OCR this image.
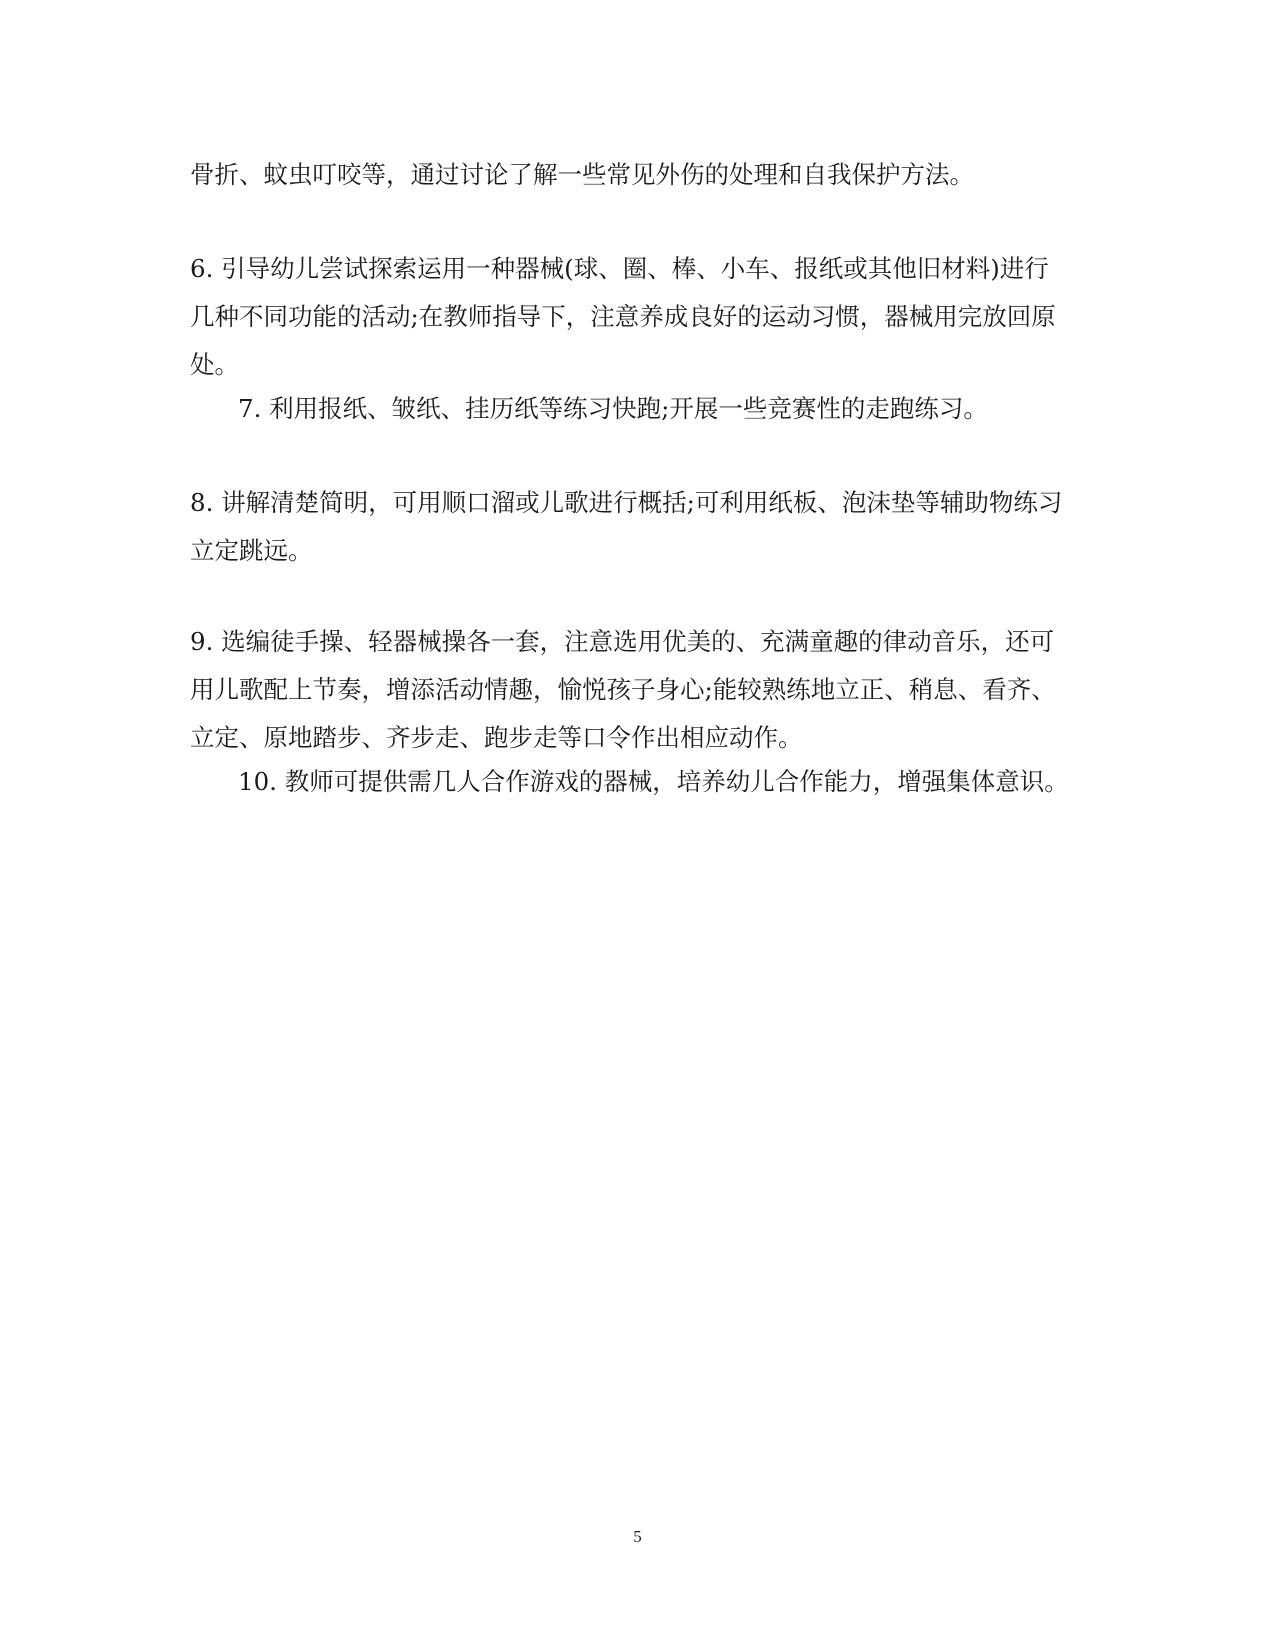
骨折、蚊虫叮咬等，通过讨论了解一些常见外伤的处理和自我保护方法。
6. 引导幼儿尝试探索运用一种器械(球、圈、棒、小车、报纸或其他旧材料)进行
几种不同功能的活动;在教师指导下，注意养成良好的运动习惯，器械用完放回原
处。
7. 利用报纸、皱纸、挂历纸等练习快跑;开展一些竞赛性的走跑练习。
8. 讲解清楚简明，可用顺口溜或儿歌进行概括;可利用纸板、泡沫垫等辅助物练习
立定跳远。
9. 选编徒手操、轻器械操各一套，注意选用优美的、充满童趣的律动音乐，还可
用儿歌配上节奏，增添活动情趣，愉悦孩子身心;能较熟练地立正、稍息、看齐、
立定、原地踏步、齐步走、跑步走等口令作出相应动作。
10. 教师可提供需几人合作游戏的器械，培养幼儿合作能力，增强集体意识。
5
